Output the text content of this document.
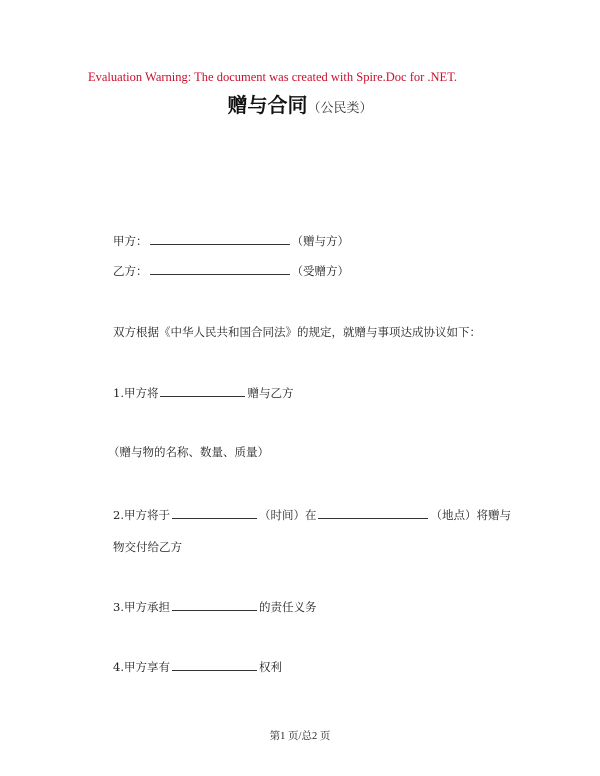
Evaluation Warning: The document was created with Spire.Doc for .NET.
赠与合同（公民类）
甲方：	（赠与方）
乙方：	（受赠方）
双方根据《中华人民共和国合同法》的规定，就赠与事项达成协议如下：
1.甲方将	赠与乙方
（赠与物的名称、数量、质量）
2.甲方将于	（时间）在	（地点）将赠与
物交付给乙方
3.甲方承担	的责任义务
4.甲方享有	权利
第1 页/总2 页
